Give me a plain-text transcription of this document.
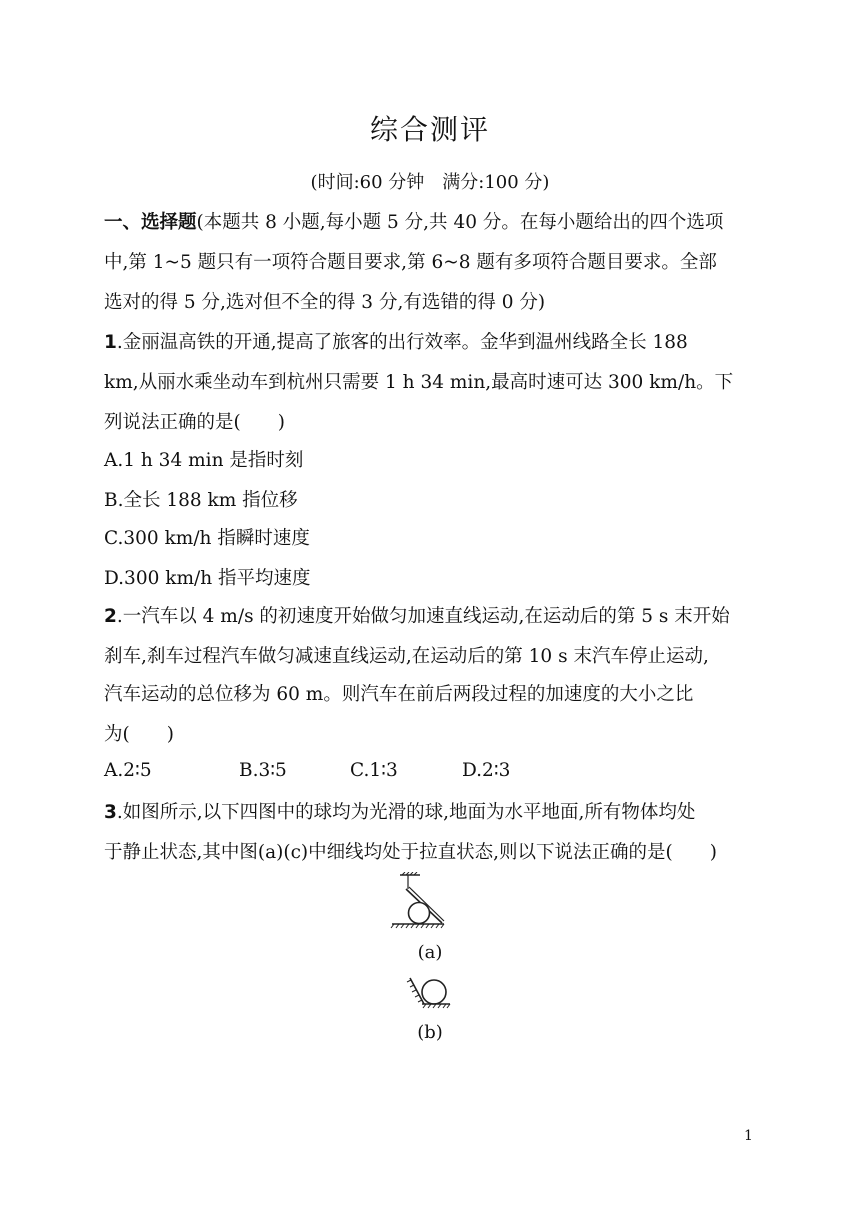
综合测评
(时间:60 分钟　满分:100 分)
一、选择题(本题共 8 小题,每小题 5 分,共 40 分。在每小题给出的四个选项
中,第 1~5 题只有一项符合题目要求,第 6~8 题有多项符合题目要求。全部
选对的得 5 分,选对但不全的得 3 分,有选错的得 0 分)
1.金丽温高铁的开通,提高了旅客的出行效率。金华到温州线路全长 188
km,从丽水乘坐动车到杭州只需要 1 h 34 min,最高时速可达 300 km/h。下
列说法正确的是(　　)
A.1 h 34 min 是指时刻
B.全长 188 km 指位移
C.300 km/h 指瞬时速度
D.300 km/h 指平均速度
2.一汽车以 4 m/s 的初速度开始做匀加速直线运动,在运动后的第 5 s 末开始
刹车,刹车过程汽车做匀减速直线运动,在运动后的第 10 s 末汽车停止运动,
汽车运动的总位移为 60 m。则汽车在前后两段过程的加速度的大小之比
为(　　)
A.2∶5	B.3∶5	C.1∶3	D.2∶3
3.如图所示,以下四图中的球均为光滑的球,地面为水平地面,所有物体均处
于静止状态,其中图(a)(c)中细线均处于拉直状态,则以下说法正确的是(　　)
(a)
(b)
1
